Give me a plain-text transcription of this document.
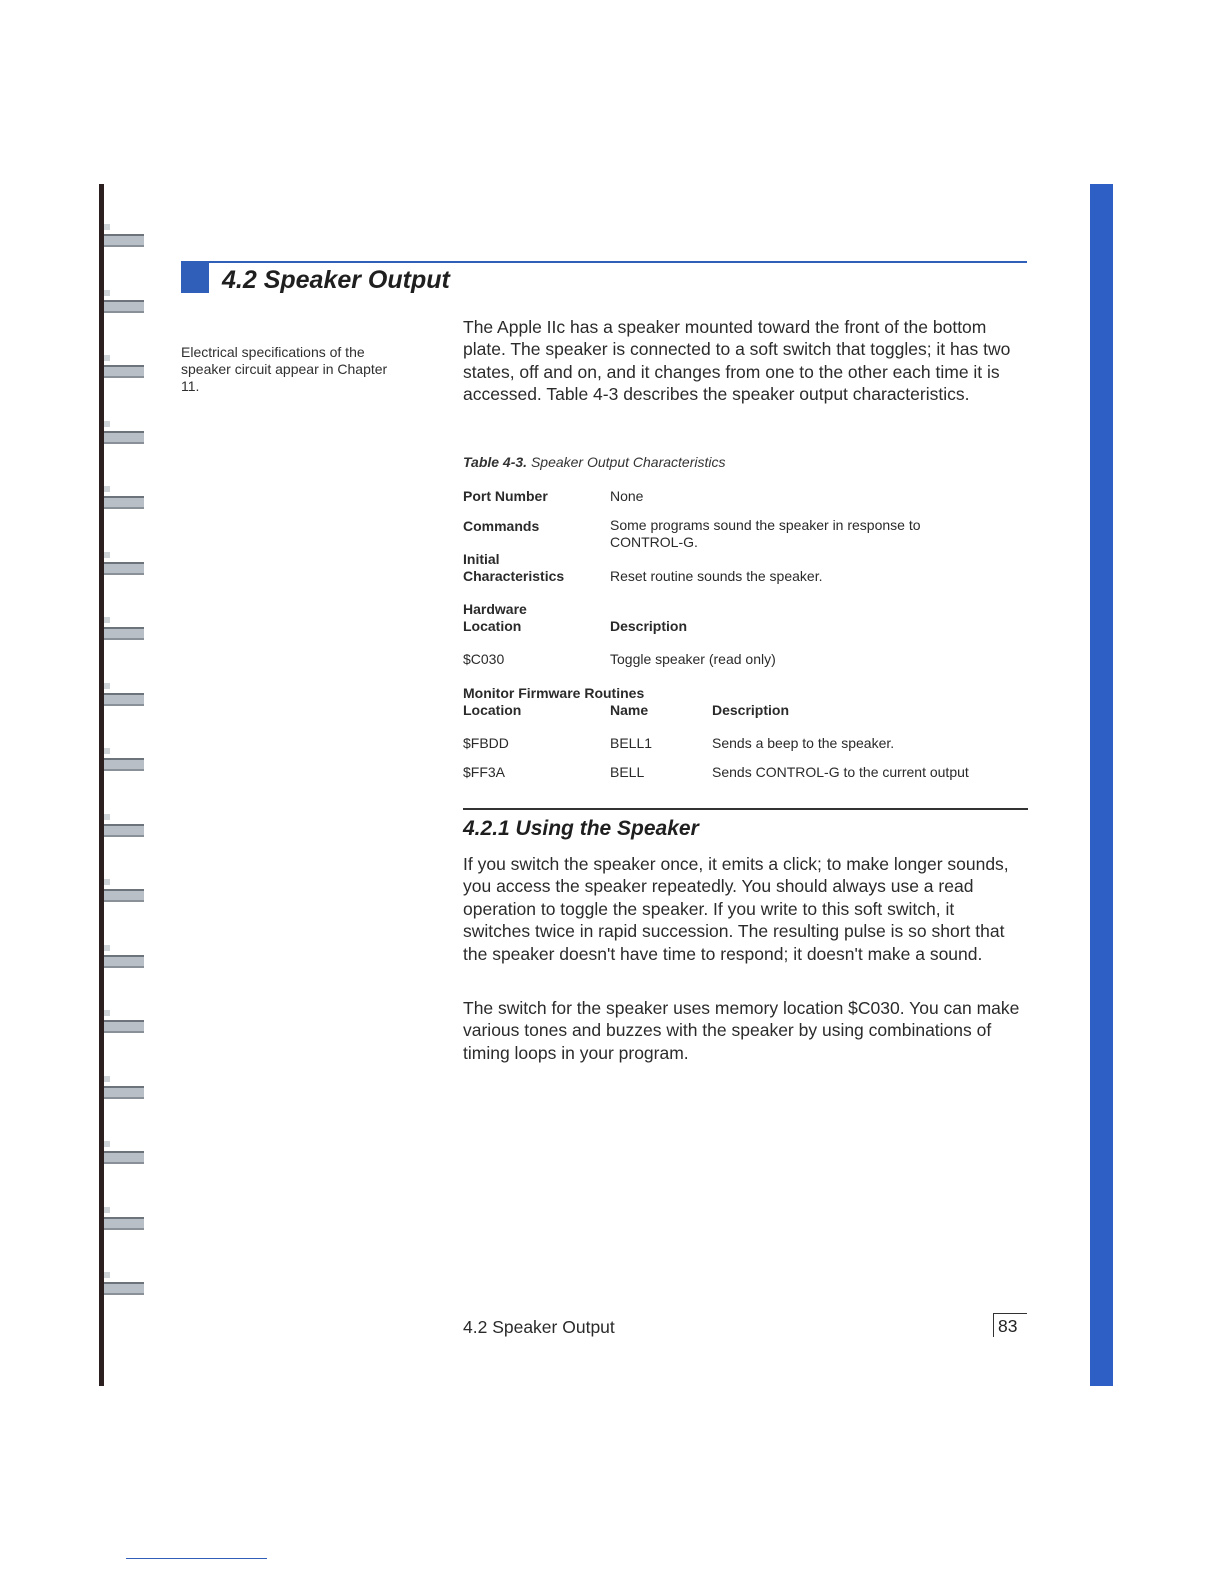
4.2 Speaker Output
Electrical specifications of the speaker circuit appear in Chapter 11.
The Apple IIc has a speaker mounted toward the front of the bottom plate. The speaker is connected to a soft switch that toggles; it has two states, off and on, and it changes from one to the other each time it is accessed. Table 4-3 describes the speaker output characteristics.
Table 4-3. Speaker Output Characteristics
Port Number	None
Commands	Some programs sound the speaker in response to
CONTROL-G.
Initial
Characteristics	Reset routine sounds the speaker.
Hardware
Location	Description
$C030	Toggle speaker (read only)
Monitor Firmware Routines
Location	Name	Description
$FBDD	BELL1	Sends a beep to the speaker.
$FF3A	BELL	Sends CONTROL-G to the current output
4.2.1 Using the Speaker
If you switch the speaker once, it emits a click; to make longer sounds, you access the speaker repeatedly. You should always use a read operation to toggle the speaker. If you write to this soft switch, it switches twice in rapid succession. The resulting pulse is so short that the speaker doesn't have time to respond; it doesn't make a sound.
The switch for the speaker uses memory location $C030. You can make various tones and buzzes with the speaker by using combinations of timing loops in your program.
4.2 Speaker Output	83
